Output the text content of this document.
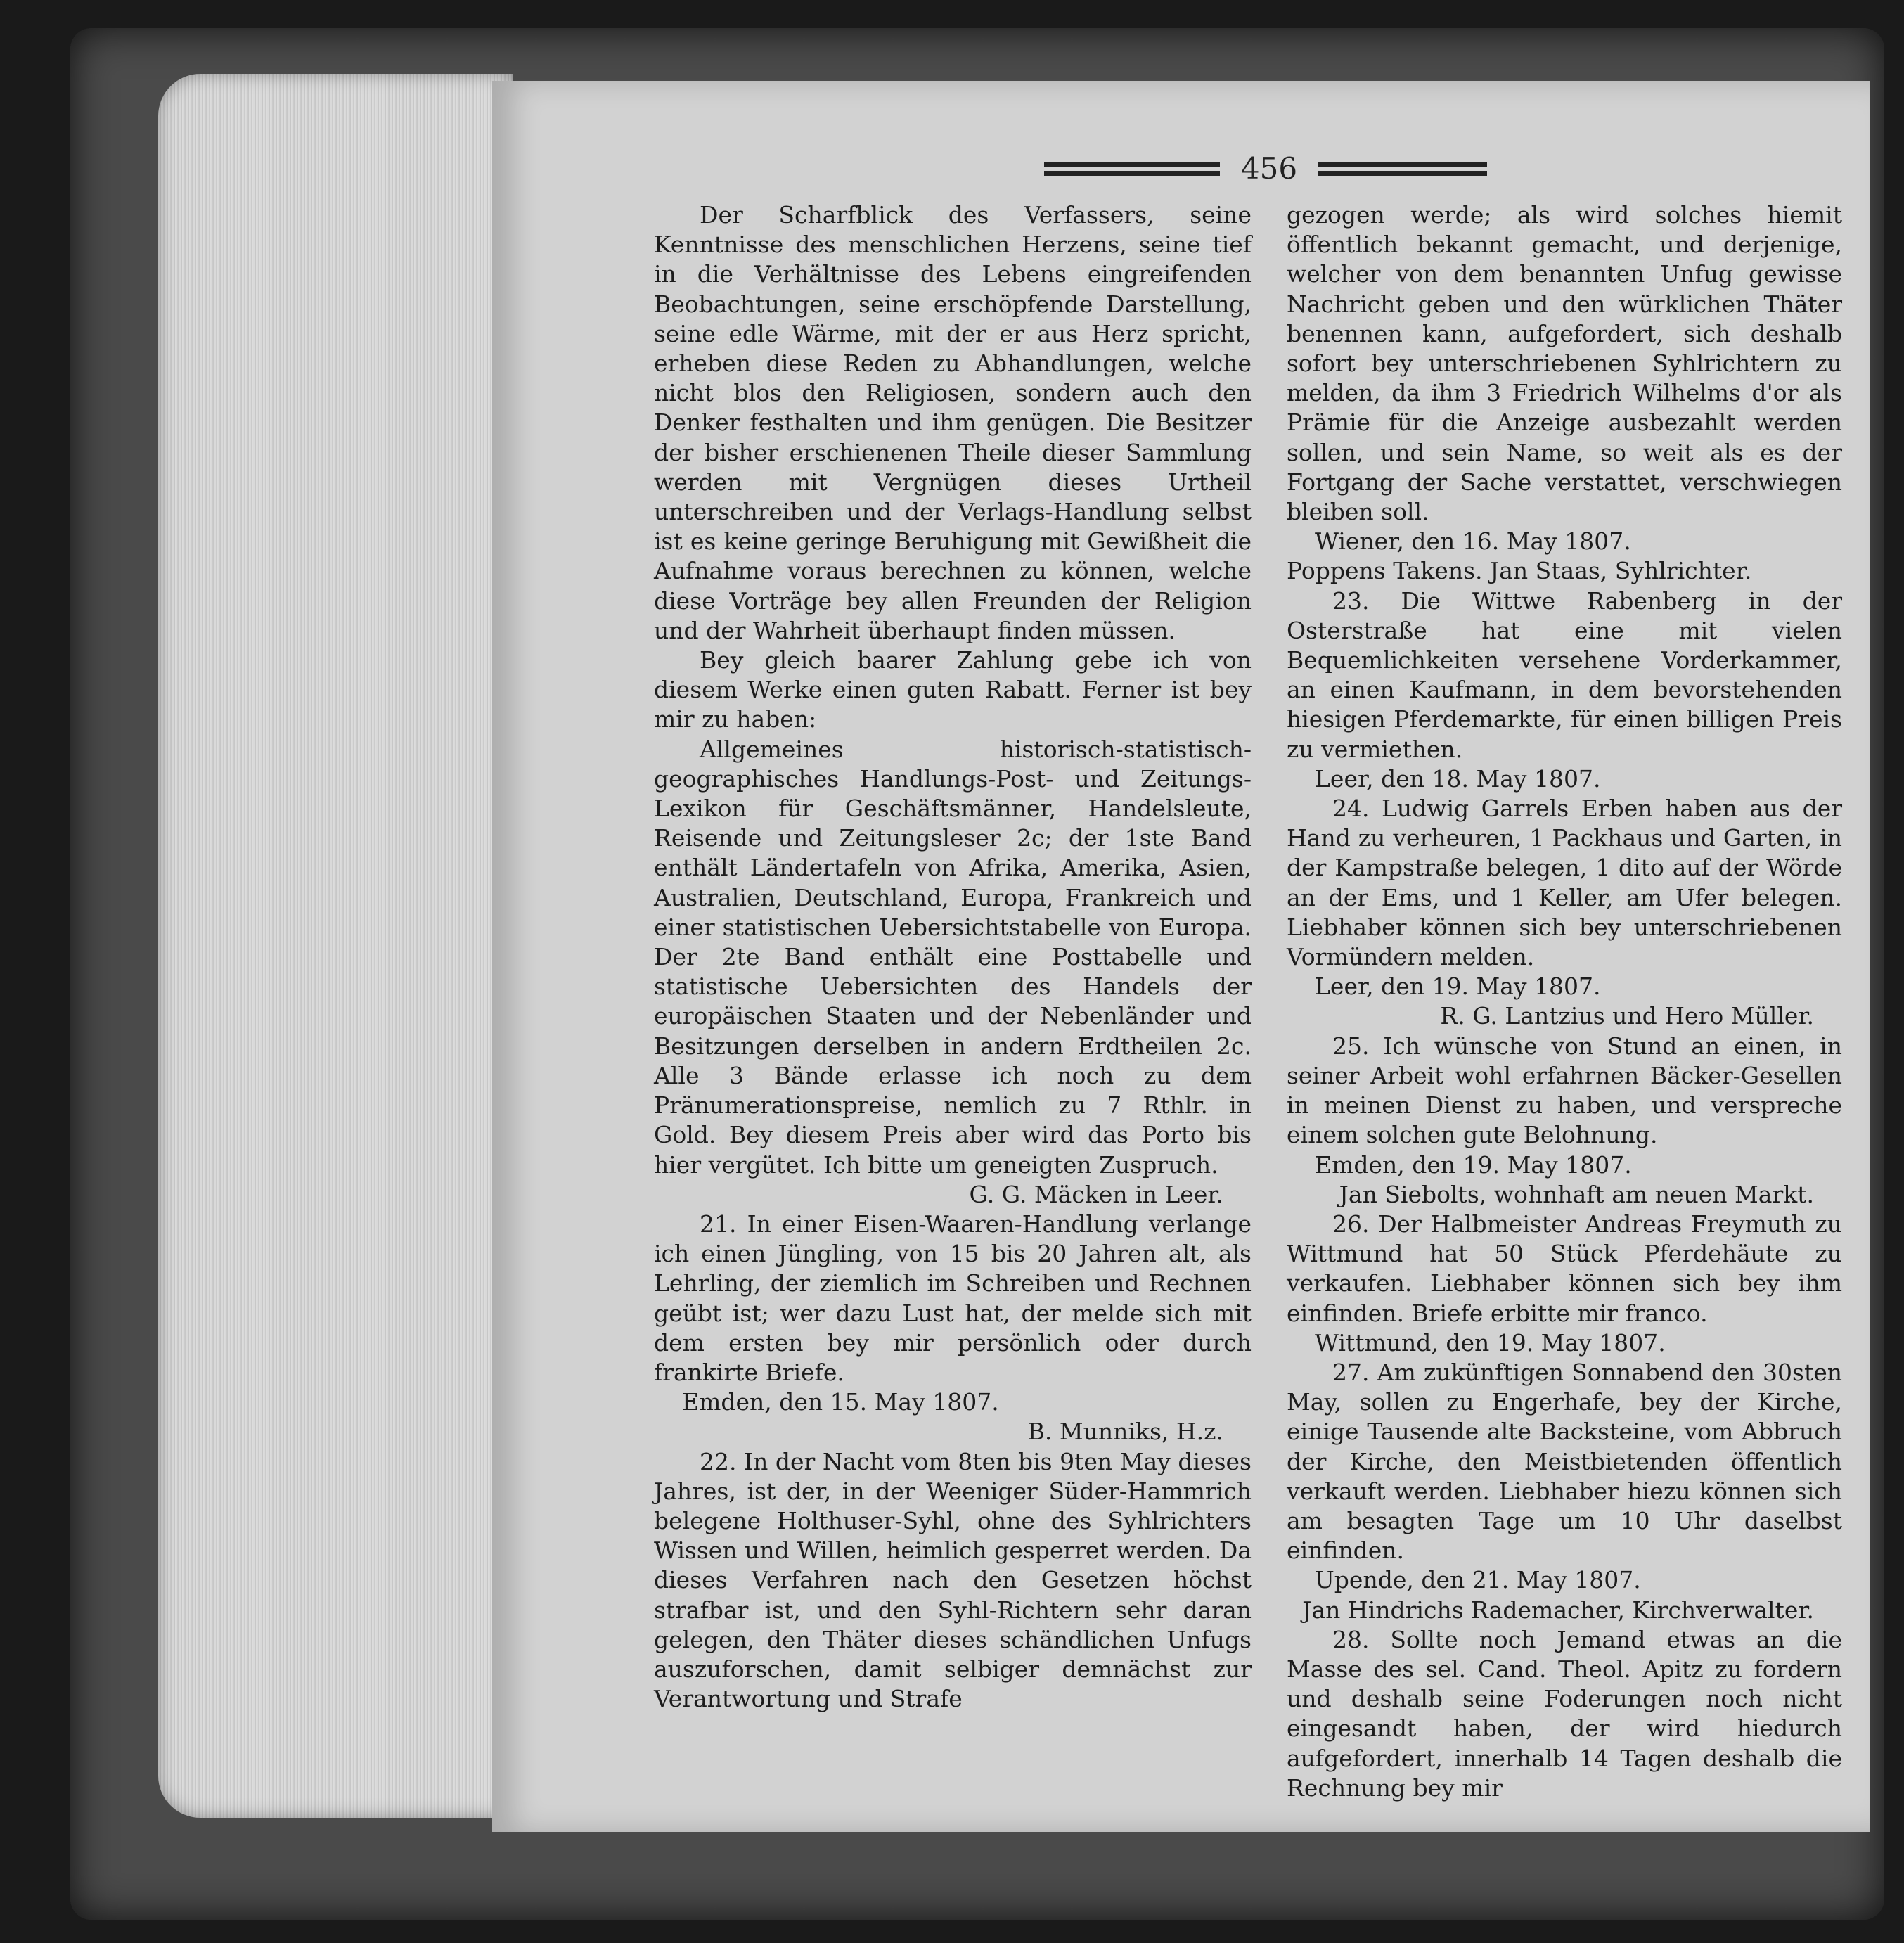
456

Der Scharfblick des Verfassers, seine Kenntnisse des menschlichen Herzens, seine tief in die Verhältnisse des Lebens eingreifenden Beobachtungen, seine erschöpfende Darstellung, seine edle Wärme, mit der er aus Herz spricht, erheben diese Reden zu Abhandlungen, welche nicht blos den Religiosen, sondern auch den Denker festhalten und ihm genügen. Die Besitzer der bisher erschienenen Theile dieser Sammlung werden mit Vergnügen dieses Urtheil unterschreiben und der Verlags-Handlung selbst ist es keine geringe Beruhigung mit Gewißheit die Aufnahme voraus berechnen zu können, welche diese Vorträge bey allen Freunden der Religion und der Wahrheit überhaupt finden müssen.

Bey gleich baarer Zahlung gebe ich von diesem Werke einen guten Rabatt. Ferner ist bey mir zu haben:

Allgemeines historisch-statistisch-geographisches Handlungs-Post- und Zeitungs-Lexikon für Geschäftsmänner, Handelsleute, Reisende und Zeitungsleser 2c; der 1ste Band enthält Ländertafeln von Afrika, Amerika, Asien, Australien, Deutschland, Europa, Frankreich und einer statistischen Uebersichtstabelle von Europa. Der 2te Band enthält eine Posttabelle und statistische Uebersichten des Handels der europäischen Staaten und der Nebenländer und Besitzungen derselben in andern Erdtheilen 2c. Alle 3 Bände erlasse ich noch zu dem Pränumerationspreise, nemlich zu 7 Rthlr. in Gold. Bey diesem Preis aber wird das Porto bis hier vergütet. Ich bitte um geneigten Zuspruch.

G. G. Mäcken in Leer.

21. In einer Eisen-Waaren-Handlung verlange ich einen Jüngling, von 15 bis 20 Jahren alt, als Lehrling, der ziemlich im Schreiben und Rechnen geübt ist; wer dazu Lust hat, der melde sich mit dem ersten bey mir persönlich oder durch frankirte Briefe.

Emden, den 15. May 1807.

B. Munniks, H.z.

22. In der Nacht vom 8ten bis 9ten May dieses Jahres, ist der, in der Weeniger Süder-Hammrich belegene Holthuser-Syhl, ohne des Syhlrichters Wissen und Willen, heimlich gesperret werden. Da dieses Verfahren nach den Gesetzen höchst strafbar ist, und den Syhl-Richtern sehr daran gelegen, den Thäter dieses schändlichen Unfugs auszuforschen, damit selbiger demnächst zur Verantwortung und Strafe

gezogen werde; als wird solches hiemit öffentlich bekannt gemacht, und derjenige, welcher von dem benannten Unfug gewisse Nachricht geben und den würklichen Thäter benennen kann, aufgefordert, sich deshalb sofort bey unterschriebenen Syhlrichtern zu melden, da ihm 3 Friedrich Wilhelms d'or als Prämie für die Anzeige ausbezahlt werden sollen, und sein Name, so weit als es der Fortgang der Sache verstattet, verschwiegen bleiben soll.

Wiener, den 16. May 1807.

Poppens Takens. Jan Staas, Syhlrichter.

23. Die Wittwe Rabenberg in der Osterstraße hat eine mit vielen Bequemlichkeiten versehene Vorderkammer, an einen Kaufmann, in dem bevorstehenden hiesigen Pferdemarkte, für einen billigen Preis zu vermiethen.

Leer, den 18. May 1807.

24. Ludwig Garrels Erben haben aus der Hand zu verheuren, 1 Packhaus und Garten, in der Kampstraße belegen, 1 dito auf der Wörde an der Ems, und 1 Keller, am Ufer belegen. Liebhaber können sich bey unterschriebenen Vormündern melden.

Leer, den 19. May 1807.

R. G. Lantzius und Hero Müller.

25. Ich wünsche von Stund an einen, in seiner Arbeit wohl erfahrnen Bäcker-Gesellen in meinen Dienst zu haben, und verspreche einem solchen gute Belohnung.

Emden, den 19. May 1807.

Jan Siebolts, wohnhaft am neuen Markt.

26. Der Halbmeister Andreas Freymuth zu Wittmund hat 50 Stück Pferdehäute zu verkaufen. Liebhaber können sich bey ihm einfinden. Briefe erbitte mir franco.

Wittmund, den 19. May 1807.

27. Am zukünftigen Sonnabend den 30sten May, sollen zu Engerhafe, bey der Kirche, einige Tausende alte Backsteine, vom Abbruch der Kirche, den Meistbietenden öffentlich verkauft werden. Liebhaber hiezu können sich am besagten Tage um 10 Uhr daselbst einfinden.

Upende, den 21. May 1807.

Jan Hindrichs Rademacher, Kirchverwalter.

28. Sollte noch Jemand etwas an die Masse des sel. Cand. Theol. Apitz zu fordern und deshalb seine Foderungen noch nicht eingesandt haben, der wird hiedurch aufgefordert, innerhalb 14 Tagen deshalb die Rechnung bey mir
